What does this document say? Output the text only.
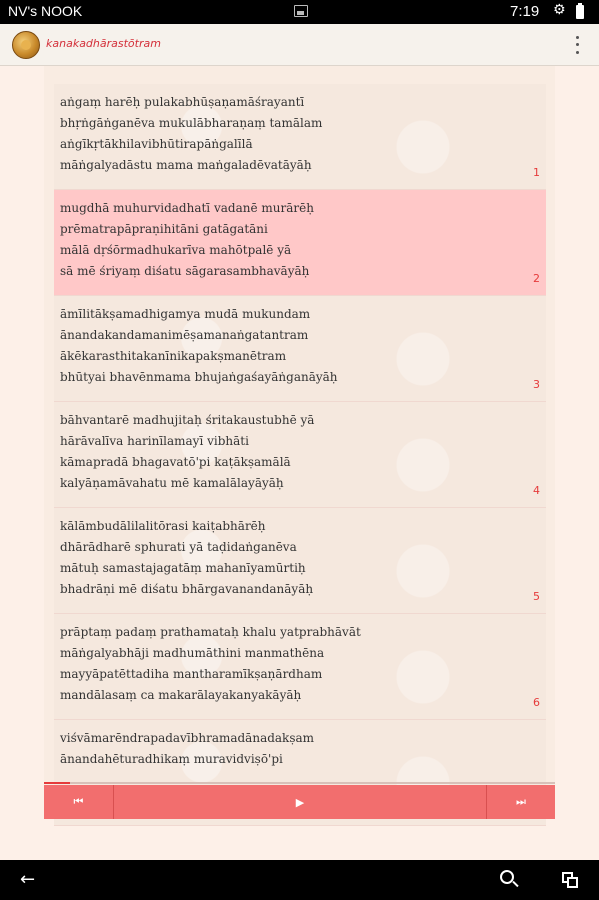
NV's NOOK	7:19 ⚙
kanakadhārastōtram
aṅgaṃ harēḥ pulakabhūṣaṇamāśrayantī
bhṛṅgāṅganēva mukulābharaṇaṃ tamālam
aṅgīkṛtākhilavibhūtirapāṅgalīlā
māṅgalyadāstu mama maṅgaladēvatāyāḥ
1
mugdhā muhurvidadhatī vadanē murārēḥ
prēmatrapāpraṇihitāni gatāgatāni
mālā dṛśōrmadhukarīva mahōtpalē yā
sā mē śriyaṃ diśatu sāgarasambhavāyāḥ
2
āmīlitākṣamadhigamya mudā mukundam
ānandakandamanimēṣamanaṅgatantram
ākēkarasthitakanīnikapakṣmanētram
bhūtyai bhavēnmama bhujaṅgaśayāṅganāyāḥ
3
bāhvantarē madhujitaḥ śritakaustubhē yā
hārāvalīva harinīlamayī vibhāti
kāmapradā bhagavatō'pi kaṭākṣamālā
kalyāṇamāvahatu mē kamalālayāyāḥ
4
kālāmbudālilalitōrasi kaiṭabhārēḥ
dhārādharē sphurati yā taḍidaṅganēva
mātuḥ samastajagatāṃ mahanīyamūrtiḥ
bhadrāṇi mē diśatu bhārgavanandanāyāḥ
5
prāptaṃ padaṃ prathamataḥ khalu yatprabhāvāt
māṅgalyabhāji madhumāthini manmathēna
mayyāpatēttadiha mantharamīkṣaṇārdham
mandālasaṃ ca makarālayakanyakāyāḥ
6
viśvāmarēndrapadavībhramadānadakṣam
ānandahēturadhikaṃ muravidviṣō'pi
⏮	▶	⏭
←
